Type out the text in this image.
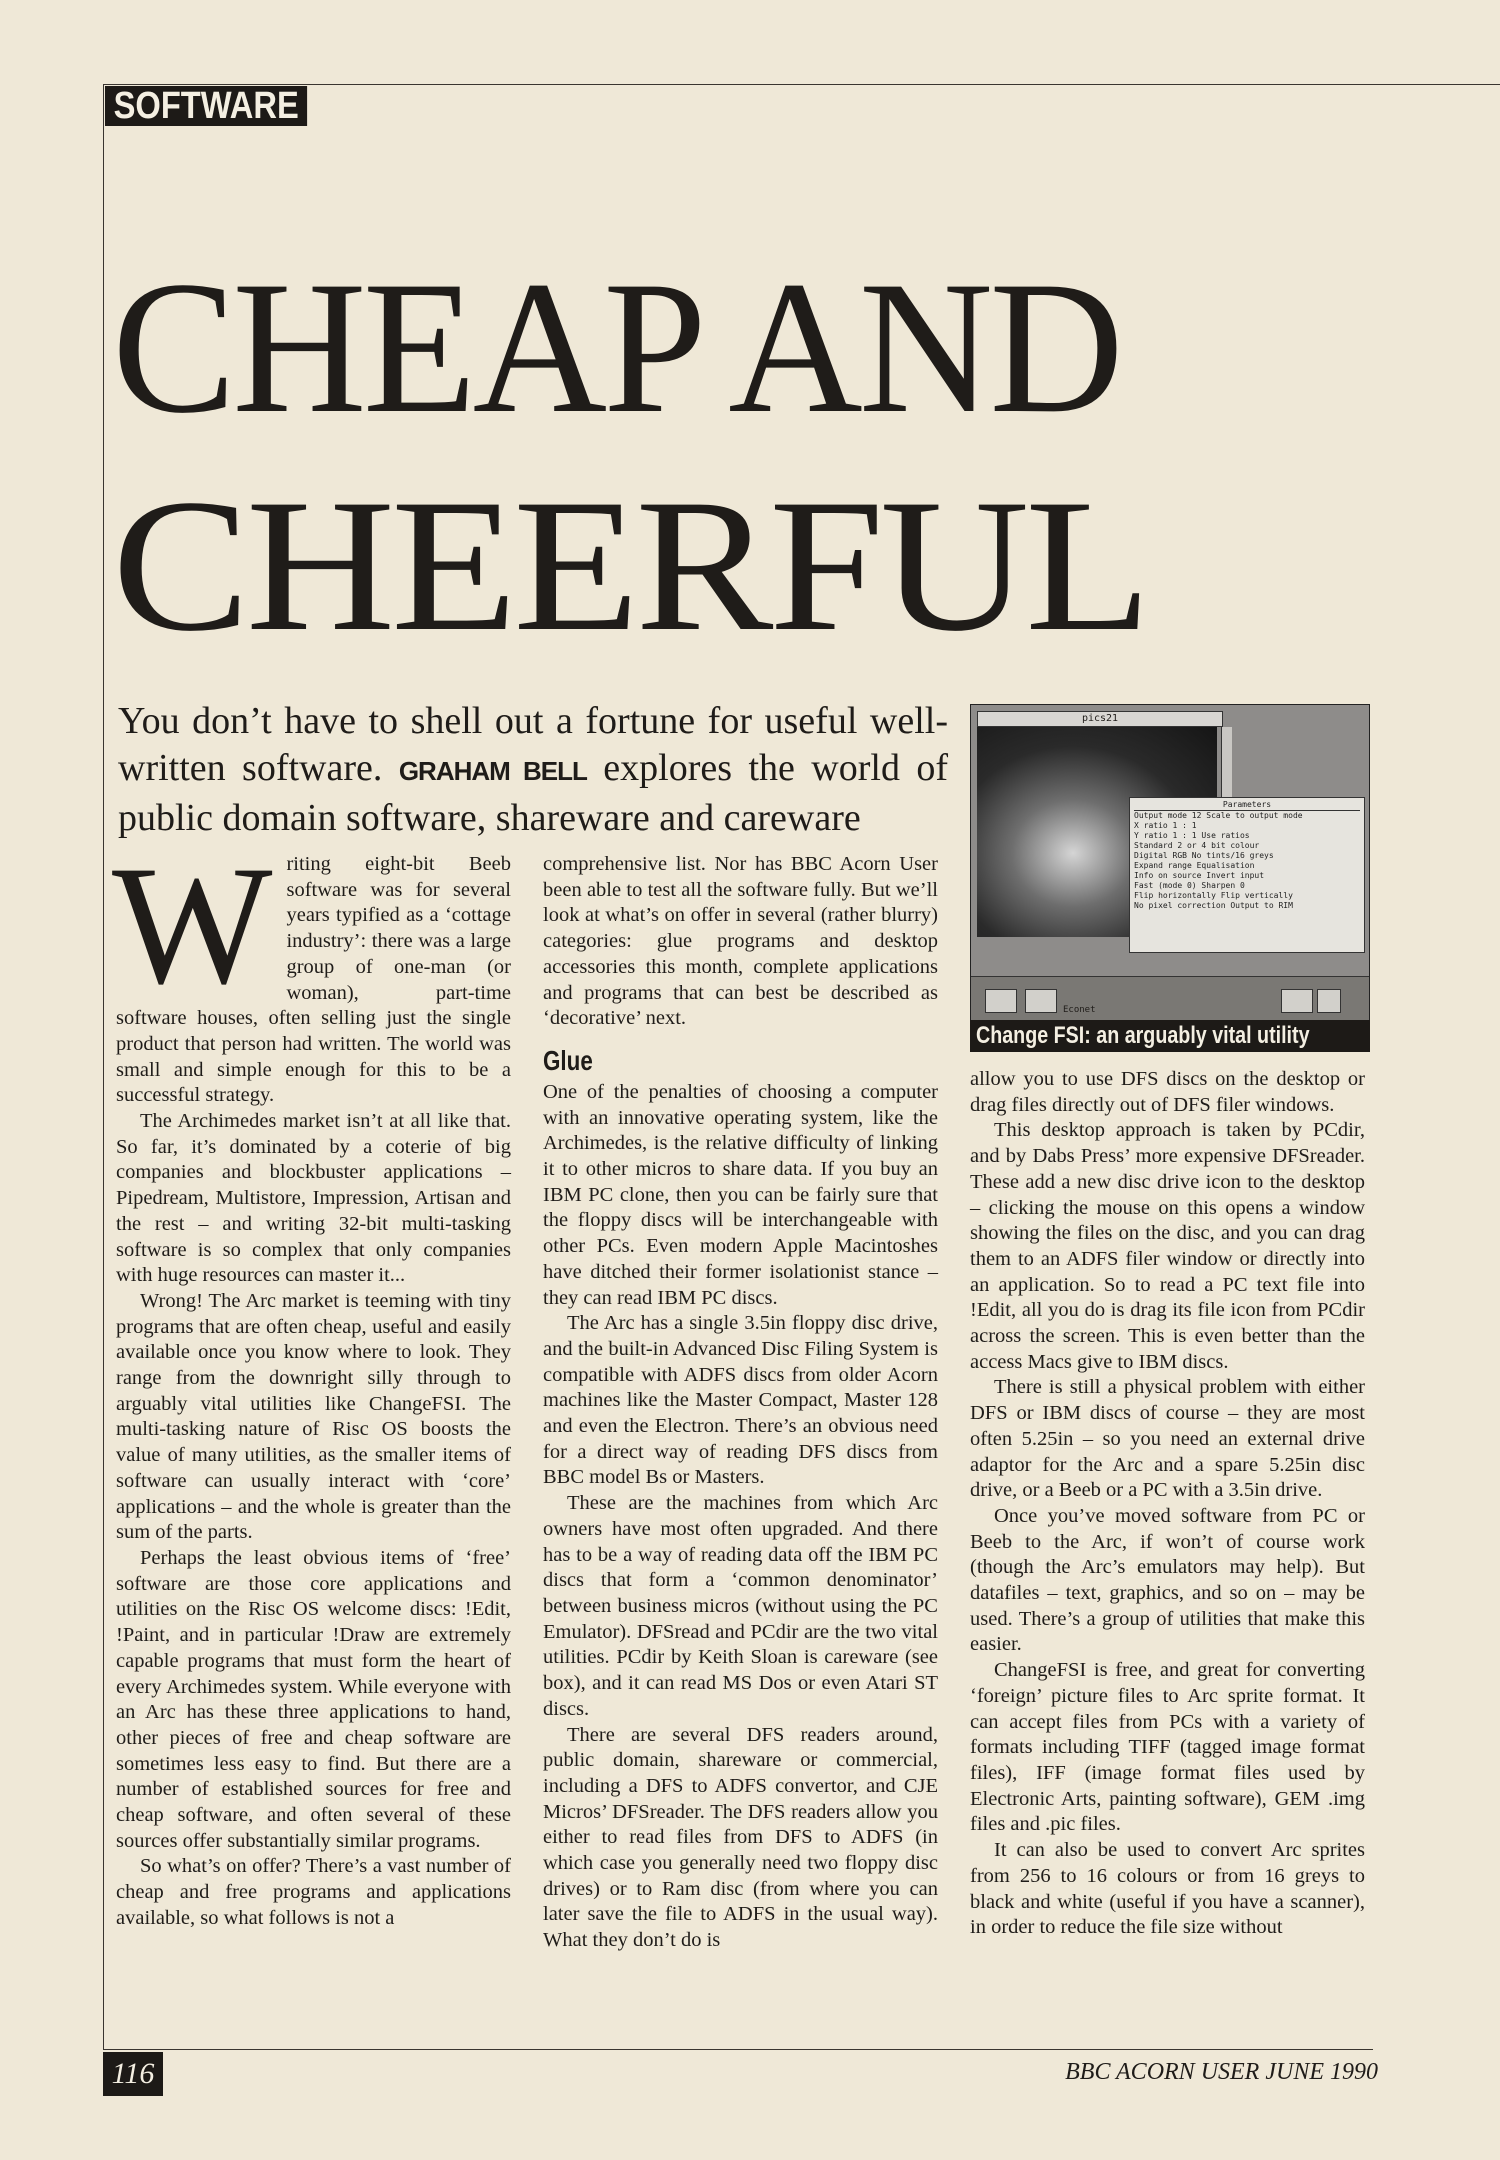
SOFTWARE
CHEAP AND
CHEERFUL

You don’t have to shell out a fortune for useful well-written software. GRAHAM BELL explores the world of public domain software, shareware and careware

W riting eight-bit Beeb software was for several years typified as a ‘cottage industry’: there was a large group of one-man (or woman), part-time software houses, often selling just the single product that person had written. The world was small and simple enough for this to be a successful strategy.

The Archimedes market isn’t at all like that. So far, it’s dominated by a coterie of big companies and blockbuster applications – Pipedream, Multistore, Impression, Artisan and the rest – and writing 32-bit multi-tasking software is so complex that only companies with huge resources can master it...

Wrong! The Arc market is teeming with tiny programs that are often cheap, useful and easily available once you know where to look. They range from the downright silly through to arguably vital utilities like ChangeFSI. The multi-tasking nature of Risc OS boosts the value of many utilities, as the smaller items of software can usually interact with ‘core’ applications – and the whole is greater than the sum of the parts.

Perhaps the least obvious items of ‘free’ software are those core applications and utilities on the Risc OS welcome discs: !Edit, !Paint, and in particular !Draw are extremely capable programs that must form the heart of every Archimedes system. While everyone with an Arc has these three applications to hand, other pieces of free and cheap software are sometimes less easy to find. But there are a number of established sources for free and cheap software, and often several of these sources offer substantially similar programs.

So what’s on offer? There’s a vast number of cheap and free programs and applications available, so what follows is not a

comprehensive list. Nor has BBC Acorn User been able to test all the software fully. But we’ll look at what’s on offer in several (rather blurry) categories: glue programs and desktop accessories this month, complete applications and programs that can best be described as ‘decorative’ next.

Glue

One of the penalties of choosing a computer with an innovative operating system, like the Archimedes, is the relative difficulty of linking it to other micros to share data. If you buy an IBM PC clone, then you can be fairly sure that the floppy discs will be interchangeable with other PCs. Even modern Apple Macintoshes have ditched their former isolationist stance – they can read IBM PC discs.

The Arc has a single 3.5in floppy disc drive, and the built-in Advanced Disc Filing System is compatible with ADFS discs from older Acorn machines like the Master Compact, Master 128 and even the Electron. There’s an obvious need for a direct way of reading DFS discs from BBC model Bs or Masters.

These are the machines from which Arc owners have most often upgraded. And there has to be a way of reading data off the IBM PC discs that form a ‘common denominator’ between business micros (without using the PC Emulator). DFSread and PCdir are the two vital utilities. PCdir by Keith Sloan is careware (see box), and it can read MS Dos or even Atari ST discs.

There are several DFS readers around, public domain, shareware or commercial, including a DFS to ADFS convertor, and CJE Micros’ DFSreader. The DFS readers allow you either to read files from DFS to ADFS (in which case you generally need two floppy disc drives) or to Ram disc (from where you can later save the file to ADFS in the usual way). What they don’t do is

pics21
Parameters
Output mode 12 Scale to output mode
X ratio 1 : 1
Y ratio 1 : 1 Use ratios
Standard 2 or 4 bit colour
Digital RGB No tints/16 greys
Expand range Equalisation
Info on source Invert input
Fast (mode 0) Sharpen 0
Flip horizontally Flip vertically
No pixel correction Output to RIM
Econet
Change FSI: an arguably vital utility

allow you to use DFS discs on the desktop or drag files directly out of DFS filer windows.

This desktop approach is taken by PCdir, and by Dabs Press’ more expensive DFSreader. These add a new disc drive icon to the desktop – clicking the mouse on this opens a window showing the files on the disc, and you can drag them to an ADFS filer window or directly into an application. So to read a PC text file into !Edit, all you do is drag its file icon from PCdir across the screen. This is even better than the access Macs give to IBM discs.

There is still a physical problem with either DFS or IBM discs of course – they are most often 5.25in – so you need an external drive adaptor for the Arc and a spare 5.25in disc drive, or a Beeb or a PC with a 3.5in drive.

Once you’ve moved software from PC or Beeb to the Arc, if won’t of course work (though the Arc’s emulators may help). But datafiles – text, graphics, and so on – may be used. There’s a group of utilities that make this easier.

ChangeFSI is free, and great for converting ‘foreign’ picture files to Arc sprite format. It can accept files from PCs with a variety of formats including TIFF (tagged image format files), IFF (image format files used by Electronic Arts, painting software), GEM .img files and .pic files.

It can also be used to convert Arc sprites from 256 to 16 colours or from 16 greys to black and white (useful if you have a scanner), in order to reduce the file size without

116	BBC ACORN USER JUNE 1990
